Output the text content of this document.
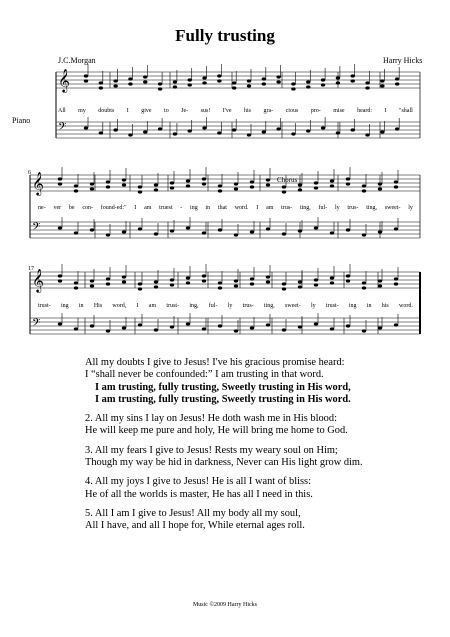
Fully trusting
J.C.Morgan	Harry Hicks
Piano
𝄞
𝄢
𝄞
𝄢
𝄞
𝄢
6
17
Chorus
All my doubts I give to Je- sus! I've his gra- cious pro- mise heard: I "shall
ne- ver be con- found-ed:" I am truest - ing in that word. I am trus- ting, ful- ly trus- ting, sweet- ly
trust- ing in His word, I am trust- ing, ful- ly trus- ting, sweet- ly trust- ing in his word.

All my doubts I give to Jesus! I've his gracious promise heard:
I “shall never be confounded:” I am trusting in that word.
I am trusting, fully trusting, Sweetly trusting in His word,
I am trusting, fully trusting, Sweetly trusting in His word.

2. All my sins I lay on Jesus! He doth wash me in His blood:
He will keep me pure and holy, He will bring me home to God.

3. All my fears I give to Jesus! Rests my weary soul on Him;
Though my way be hid in darkness, Never can His light grow dim.

4. All my joys I give to Jesus! He is all I want of bliss:
He of all the worlds is master, He has all I need in this.

5. All I am I give to Jesus! All my body all my soul,
All I have, and all I hope for, While eternal ages roll.

Music ©2009 Harry Hicks
